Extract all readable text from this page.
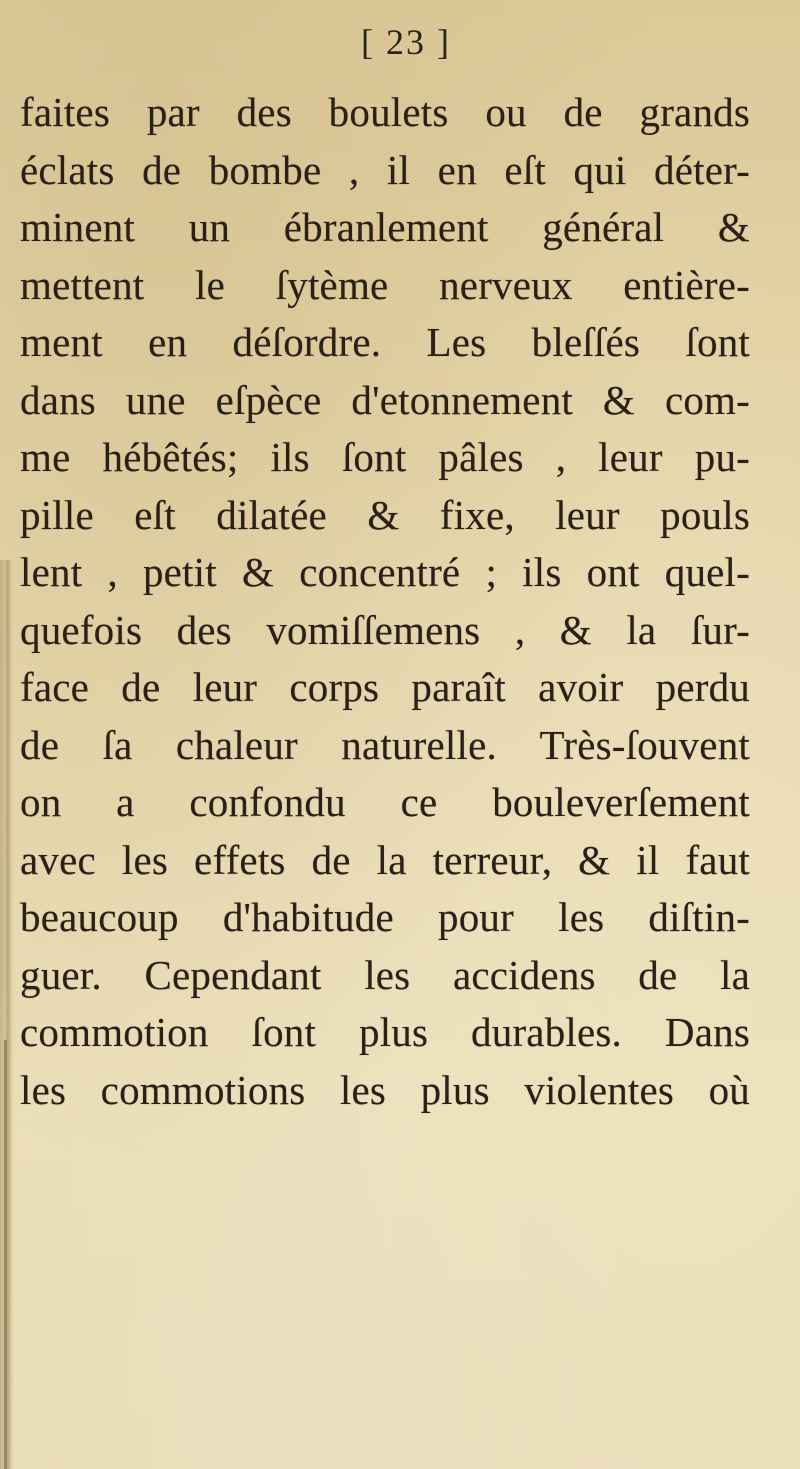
[ 23 ]
faites par des boulets ou de grands
éclats de bombe , il en eſt qui déter-
minent un ébranlement général &
mettent le ſytème nerveux entière-
ment en déſordre. Les bleſſés ſont
dans une eſpèce d'etonnement & com-
me hébêtés; ils ſont pâles , leur pu-
pille eſt dilatée & fixe, leur pouls
lent , petit & concentré ; ils ont quel-
quefois des vomiſſemens , & la ſur-
face de leur corps paraît avoir perdu
de ſa chaleur naturelle. Très-ſouvent
on a confondu ce bouleverſement
avec les effets de la terreur, & il faut
beaucoup d'habitude pour les diſtin-
guer. Cependant les accidens de la
commotion ſont plus durables. Dans
les commotions les plus violentes où
